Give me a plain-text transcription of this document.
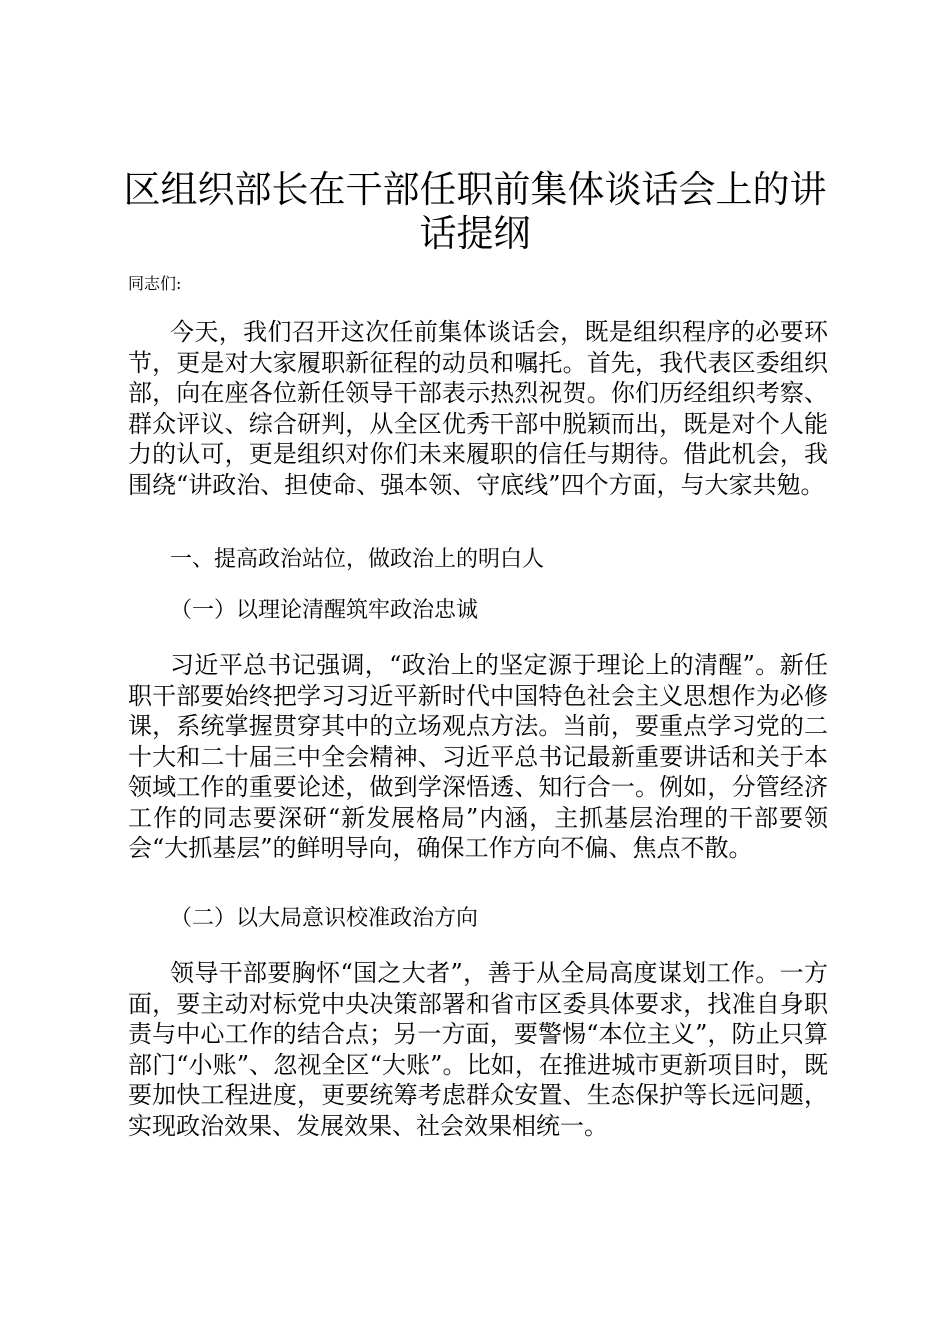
区组织部长在干部任职前集体谈话会上的讲话提纲

同志们:

今天，我们召开这次任前集体谈话会，既是组织程序的必要环节，更是对大家履职新征程的动员和嘱托。首先，我代表区委组织部，向在座各位新任领导干部表示热烈祝贺。你们历经组织考察、群众评议、综合研判，从全区优秀干部中脱颖而出，既是对个人能力的认可，更是组织对你们未来履职的信任与期待。借此机会，我围绕“讲政治、担使命、强本领、守底线”四个方面，与大家共勉。

一、提高政治站位，做政治上的明白人

（一）以理论清醒筑牢政治忠诚

习近平总书记强调，“政治上的坚定源于理论上的清醒”。新任职干部要始终把学习习近平新时代中国特色社会主义思想作为必修课，系统掌握贯穿其中的立场观点方法。当前，要重点学习党的二十大和二十届三中全会精神、习近平总书记最新重要讲话和关于本领域工作的重要论述，做到学深悟透、知行合一。例如，分管经济工作的同志要深研“新发展格局”内涵，主抓基层治理的干部要领会“大抓基层”的鲜明导向，确保工作方向不偏、焦点不散。

（二）以大局意识校准政治方向

领导干部要胸怀“国之大者”，善于从全局高度谋划工作。一方面，要主动对标党中央决策部署和省市区委具体要求，找准自身职责与中心工作的结合点；另一方面，要警惕“本位主义”，防止只算部门“小账”、忽视全区“大账”。比如，在推进城市更新项目时，既要加快工程进度，更要统筹考虑群众安置、生态保护等长远问题，实现政治效果、发展效果、社会效果相统一。
